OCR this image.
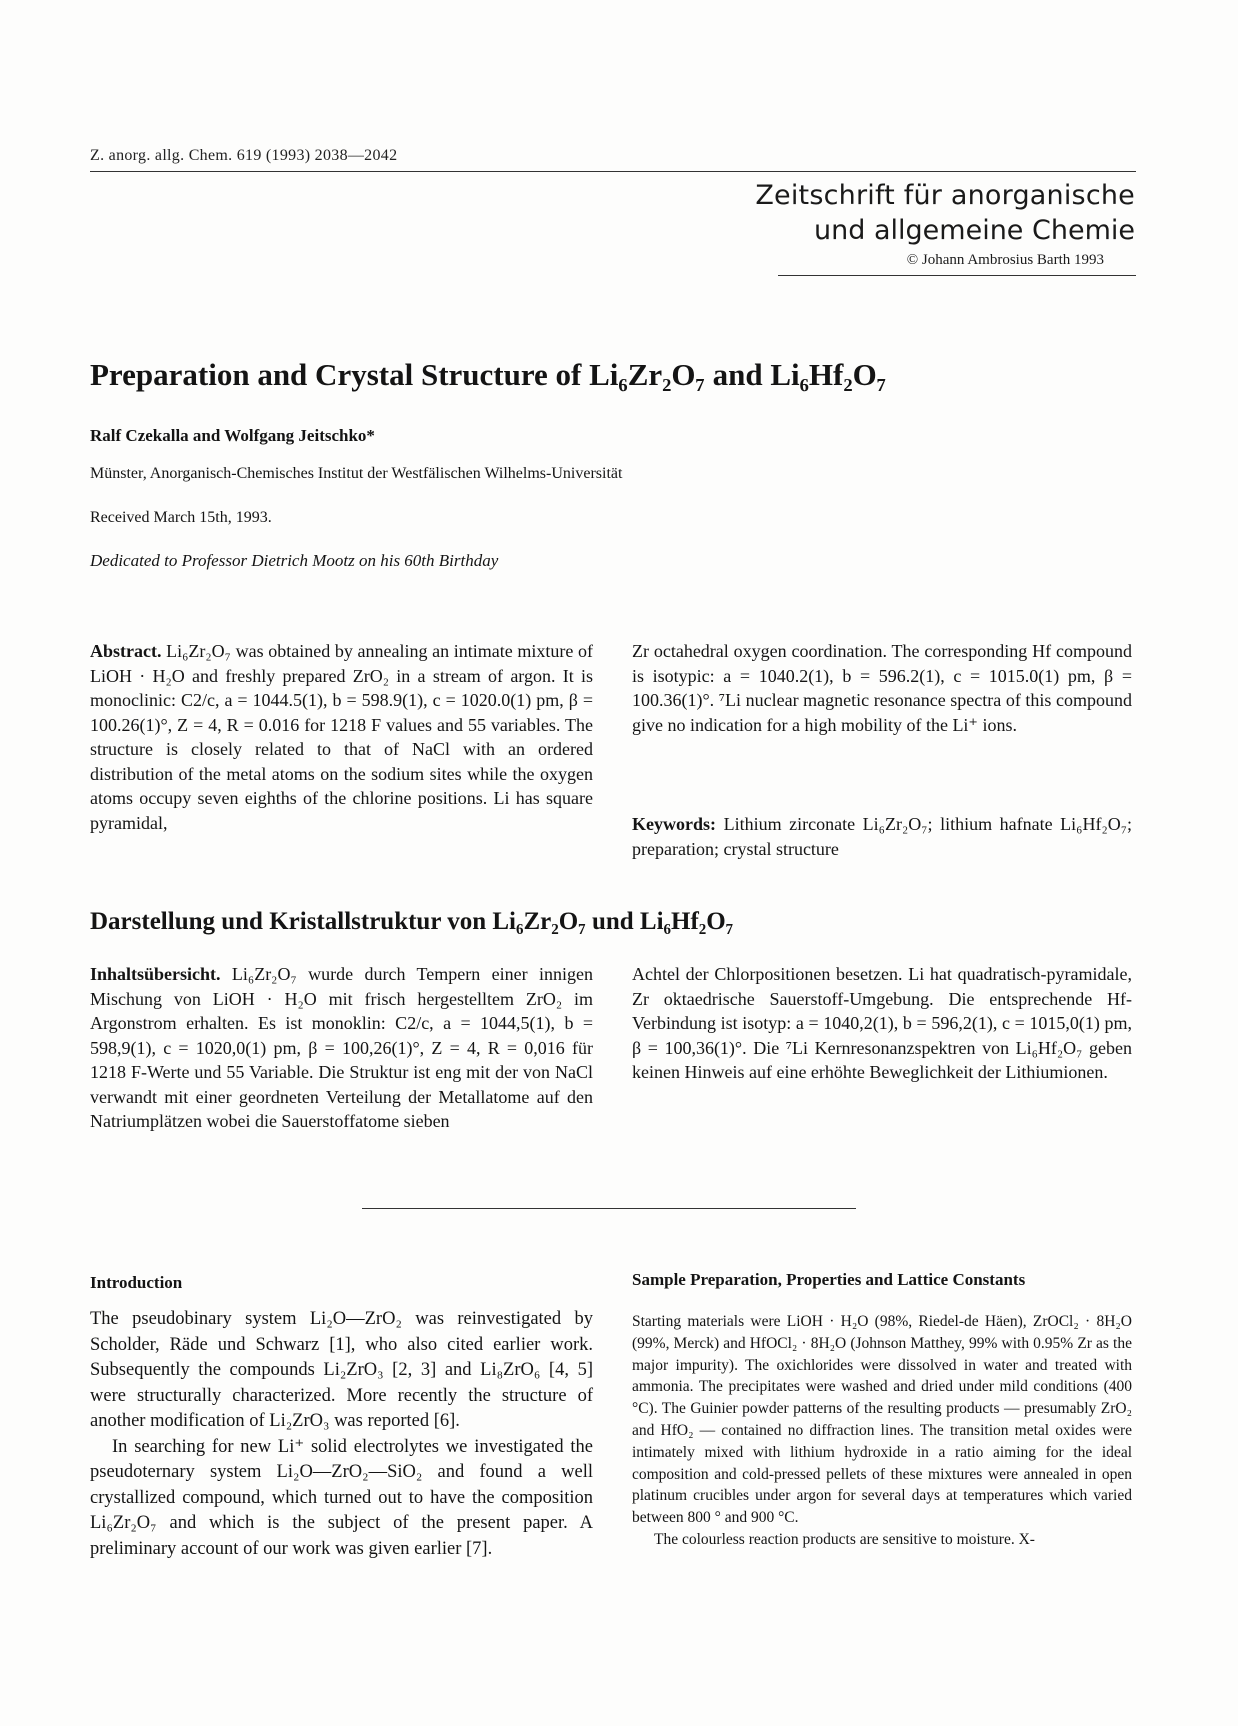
Z. anorg. allg. Chem. 619 (1993) 2038—2042
Zeitschrift für anorganische
und allgemeine Chemie
© Johann Ambrosius Barth 1993
Preparation and Crystal Structure of Li₆Zr₂O₇ and Li₆Hf₂O₇
Ralf Czekalla and Wolfgang Jeitschko*
Münster, Anorganisch-Chemisches Institut der Westfälischen Wilhelms-Universität
Received March 15th, 1993.
Dedicated to Professor Dietrich Mootz on his 60th Birthday
Abstract. Li₆Zr₂O₇ was obtained by annealing an intimate mixture of LiOH · H₂O and freshly prepared ZrO₂ in a stream of argon. It is monoclinic: C2/c, a = 1044.5(1), b = 598.9(1), c = 1020.0(1) pm, β = 100.26(1)°, Z = 4, R = 0.016 for 1218 F values and 55 variables. The structure is closely related to that of NaCl with an ordered distribution of the metal atoms on the sodium sites while the oxygen atoms occupy seven eighths of the chlorine positions. Li has square pyramidal,	Keywords: Lithium zirconate Li₆Zr₂O₇; lithium hafnate Li₆Hf₂O₇; preparation; crystal structure
Darstellung und Kristallstruktur von Li₆Zr₂O₇ und Li₆Hf₂O₇
Inhaltsübersicht. Li₆Zr₂O₇ wurde durch Tempern einer innigen Mischung von LiOH · H₂O mit frisch hergestelltem ZrO₂ im Argonstrom erhalten. Es ist monoklin: C2/c, a = 1044,5(1), b = 598,9(1), c = 1020,0(1) pm, β = 100,26(1)°, Z = 4, R = 0,016 für 1218 F-Werte und 55 Variable. Die Struktur ist eng mit der von NaCl verwandt mit einer geordneten Verteilung der Metallatome auf den Natriumplätzen wobei die Sauerstoffatome sieben
Introduction

The pseudobinary system Li₂O—ZrO₂ was reinvestigated by Scholder, Räde und Schwarz [1], who also cited earlier work. Subsequently the compounds Li₂ZrO₃ [2, 3] and Li₈ZrO₆ [4, 5] were structurally characterized. More recently the structure of another modification of Li₂ZrO₃ was reported [6].

In searching for new Li⁺ solid electrolytes we investigated the pseudoternary system Li₂O—ZrO₂—SiO₂ and found a well crystallized compound, which turned out to have the composition Li₆Zr₂O₇ and which is the subject of the present paper. A preliminary account of our work was given earlier [7].

Sample Preparation, Properties and Lattice Constants

Starting materials were LiOH · H₂O (98%, Riedel-de Häen), ZrOCl₂ · 8H₂O (99%, Merck) and HfOCl₂ · 8H₂O (Johnson Matthey, 99% with 0.95% Zr as the major impurity). The oxichlorides were dissolved in water and treated with ammonia. The precipitates were washed and dried under mild conditions (400 °C). The Guinier powder patterns of the resulting products — presumably ZrO₂ and HfO₂ — contained no diffraction lines. The transition metal oxides were intimately mixed with lithium hydroxide in a ratio aiming for the ideal composition and cold-pressed pellets of these mixtures were annealed in open platinum crucibles under argon for several days at temperatures which varied between 800 ° and 900 °C.

The colourless reaction products are sensitive to moisture. X-

Zr octahedral oxygen coordination. The corresponding Hf compound is isotypic: a = 1040.2(1), b = 596.2(1), c = 1015.0(1) pm, β = 100.36(1)°. ⁷Li nuclear magnetic resonance spectra of this compound give no indication for a high mobility of the Li⁺ ions.
Achtel der Chlorpositionen besetzen. Li hat quadratisch-pyramidale, Zr oktaedrische Sauerstoff-Umgebung. Die entsprechende Hf-Verbindung ist isotyp: a = 1040,2(1), b = 596,2(1), c = 1015,0(1) pm, β = 100,36(1)°. Die ⁷Li Kernresonanzspektren von Li₆Hf₂O₇ geben keinen Hinweis auf eine erhöhte Beweglichkeit der Lithiumionen.
